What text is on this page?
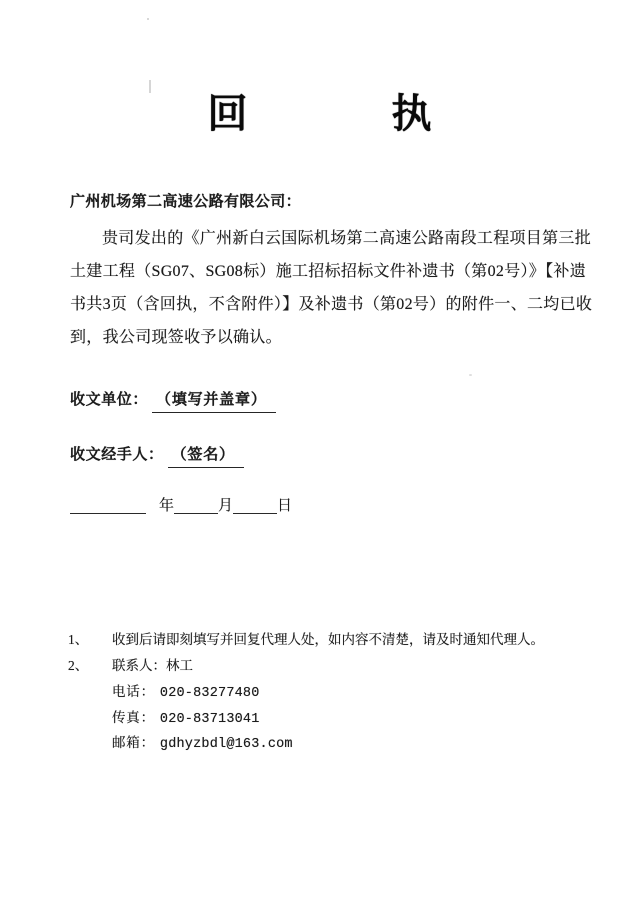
回	执
广州机场第二高速公路有限公司：
贵司发出的《广州新白云国际机场第二高速公路南段工程项目第三批
土建工程（SG07、SG08标）施工招标招标文件补遗书（第02号）》【补遗
书共3页（含回执，不含附件）】及补遗书（第02号）的附件一、二均已收
到，我公司现签收予以确认。
收文单位： （填写并盖章）
收文经手人： （签名）
年	月	日
1、 收到后请即刻填写并回复代理人处，如内容不清楚，请及时通知代理人。
2、 联系人：林工
电话： 020-83277480
传真： 020-83713041
邮箱： gdhyzbdl@163.com
